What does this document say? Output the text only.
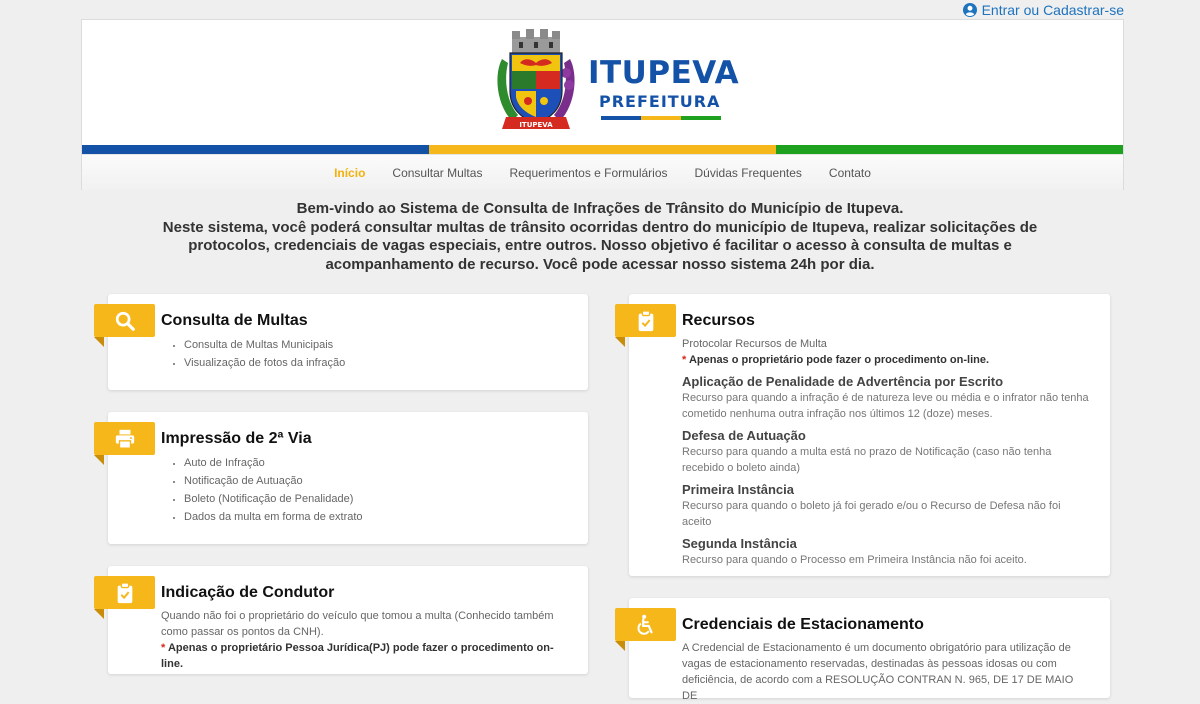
Entrar ou Cadastrar-se
ITUPEVA
ITUPEVA
PREFEITURA
Início Consultar Multas Requerimentos e Formulários Dúvidas Frequentes Contato
Bem-vindo ao Sistema de Consulta de Infrações de Trânsito do Município de Itupeva.
Neste sistema, você poderá consultar multas de trânsito ocorridas dentro do município de Itupeva, realizar solicitações de protocolos, credenciais de vagas especiais, entre outros. Nosso objetivo é facilitar o acesso à consulta de multas e acompanhamento de recurso. Você pode acessar nosso sistema 24h por dia.
Consulta de Multas
• Consulta de Multas Municipais
• Visualização de fotos da infração
Impressão de 2ª Via
• Auto de Infração
• Notificação de Autuação
• Boleto (Notificação de Penalidade)
• Dados da multa em forma de extrato
Indicação de Condutor
Quando não foi o proprietário do veículo que tomou a multa (Conhecido também como passar os pontos da CNH).
* Apenas o proprietário Pessoa Jurídica(PJ) pode fazer o procedimento on-line.
Recursos
Protocolar Recursos de Multa
* Apenas o proprietário pode fazer o procedimento on-line.
Aplicação de Penalidade de Advertência por Escrito
Recurso para quando a infração é de natureza leve ou média e o infrator não tenha cometido nenhuma outra infração nos últimos 12 (doze) meses.
Defesa de Autuação
Recurso para quando a multa está no prazo de Notificação (caso não tenha recebido o boleto ainda)
Primeira Instância
Recurso para quando o boleto já foi gerado e/ou o Recurso de Defesa não foi aceito
Segunda Instância
Recurso para quando o Processo em Primeira Instância não foi aceito.
Credenciais de Estacionamento
A Credencial de Estacionamento é um documento obrigatório para utilização de vagas de estacionamento reservadas, destinadas às pessoas idosas ou com deficiência, de acordo com a RESOLUÇÃO CONTRAN N. 965, DE 17 DE MAIO DE
